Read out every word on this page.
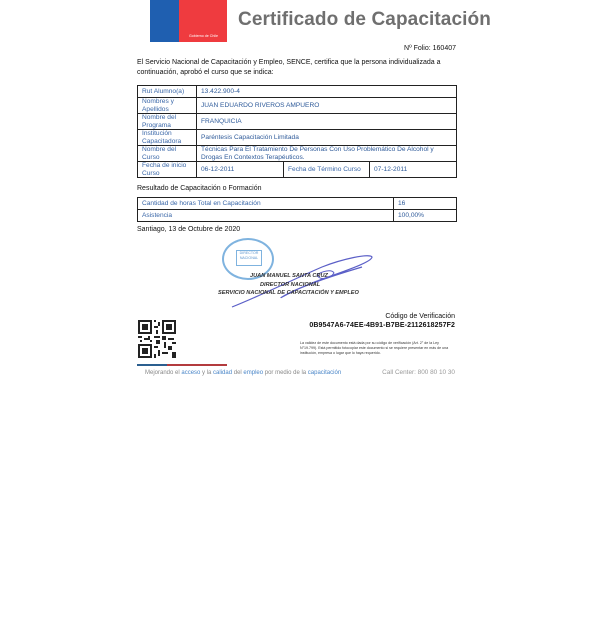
Gobierno de Chile
Certificado de Capacitación
Nº Folio: 160407
El Servicio Nacional de Capacitación y Empleo, SENCE, certifica que la persona individualizada a continuación, aprobó el curso que se indica:
Rut Alumno(a)	13.422.900-4		
Nombres y Apellidos	JUAN EDUARDO RIVEROS AMPUERO		
Nombre del Programa	FRANQUICIA		
Institución Capacitadora	Paréntesis Capacitación Limitada		
Nombre del Curso	Técnicas Para El Tratamiento De Personas Con Uso Problemático De Alcohol y Drogas En Contextos Terapéuticos.		
Fecha de inicio Curso	06-12-2011	Fecha de Término Curso	07-12-2011
Resultado de Capacitación o Formación
Cantidad de horas Total en Capacitación	16
Asistencia	100,00%
Santiago, 13 de Octubre de 2020
DIRECTOR NACIONAL
JUAN MANUEL SANTA CRUZ
DIRECTOR NACIONAL
SERVICIO NACIONAL DE CAPACITACIÓN Y EMPLEO
Código de Verificación
0B9547A6-74EE-4B91-B7BE-2112618257F2
La validez de este documento está dada por su código de verificación (Art. 2° de la Ley N°19.799). Está permitido fotocopiar este documento si se requiere presentar en más de una institución, empresa o lugar que lo haya requerido.
Mejorando el acceso y la calidad del empleo por medio de la capacitación	Call Center: 800 80 10 30
